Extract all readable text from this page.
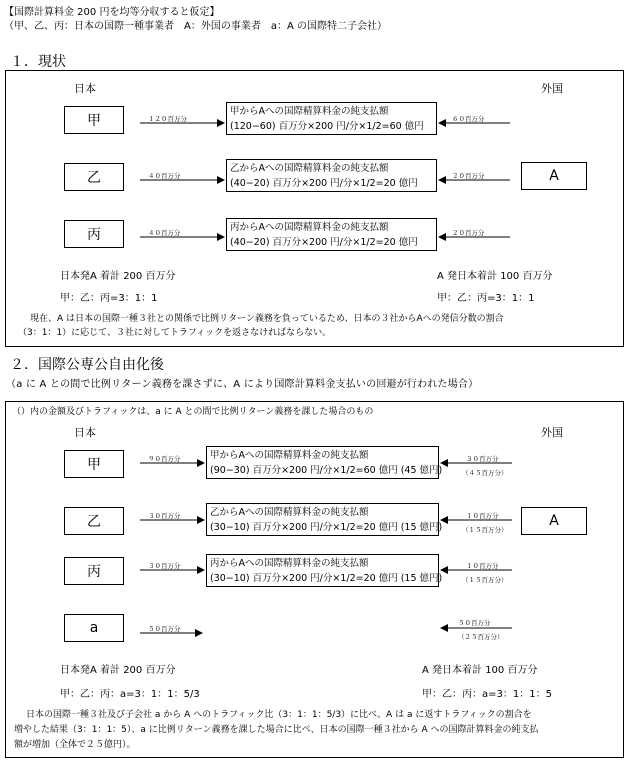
【国際計算料金 200 円を均等分収すると仮定】
（甲、乙、丙：日本の国際一種事業者　A：外国の事業者　a：A の国際特二子会社）
１．現状
日本	外国
甲
乙
丙
A
甲からAへの国際精算料金の純支払額
(120−60) 百万分×200 円/分×1/2=60 億円
乙からAへの国際精算料金の純支払額
(40−20) 百万分×200 円/分×1/2=20 億円
丙からAへの国際精算料金の純支払額
(40−20) 百万分×200 円/分×1/2=20 億円
１２０百万分
４０百万分
４０百万分
６０百万分
２０百万分
２０百万分
日本発A 着計 200 百万分
甲：乙：丙=3：1：1
A 発日本着計 100 百万分
甲：乙：丙=3：1：1
現在、A は日本の国際一種３社との関係で比例リターン義務を負っているため、日本の３社からAへの発信分数の割合
（3：1：1）に応じて、３社に対してトラフィックを返さなければならない。
２．国際公専公自由化後
（a に A との間で比例リターン義務を課さずに、A により国際計算料金支払いの回避が行われた場合）
（）内の金額及びトラフィックは、a に A との間で比例リターン義務を課した場合のもの
日本	外国
甲
乙
丙
a
A
甲からAへの国際精算料金の純支払額
(90−30) 百万分×200 円/分×1/2=60 億円 (45 億円)
乙からAへの国際精算料金の純支払額
(30−10) 百万分×200 円/分×1/2=20 億円 (15 億円)
丙からAへの国際精算料金の純支払額
(30−10) 百万分×200 円/分×1/2=20 億円 (15 億円)
９０百万分
３０百万分
３０百万分
５０百万分
３０百万分
（４５百万分）
１０百万分
（１５百万分）
１０百万分
（１５百万分）
５０百万分
（２５百万分）
日本発A 着計 200 百万分
甲：乙：丙：a=3：1：1：5/3
A 発日本着計 100 百万分
甲：乙：丙：a=3：1：1：5
日本の国際一種３社及び子会社 a から A へのトラフィック比（3：1：1：5/3）に比べ、A は a に返すトラフィックの割合を
増やした結果（3：1：1：5）、a に比例リターン義務を課した場合に比べ、日本の国際一種３社から A への国際計算料金の純支払
額が増加（全体で２５億円）。
